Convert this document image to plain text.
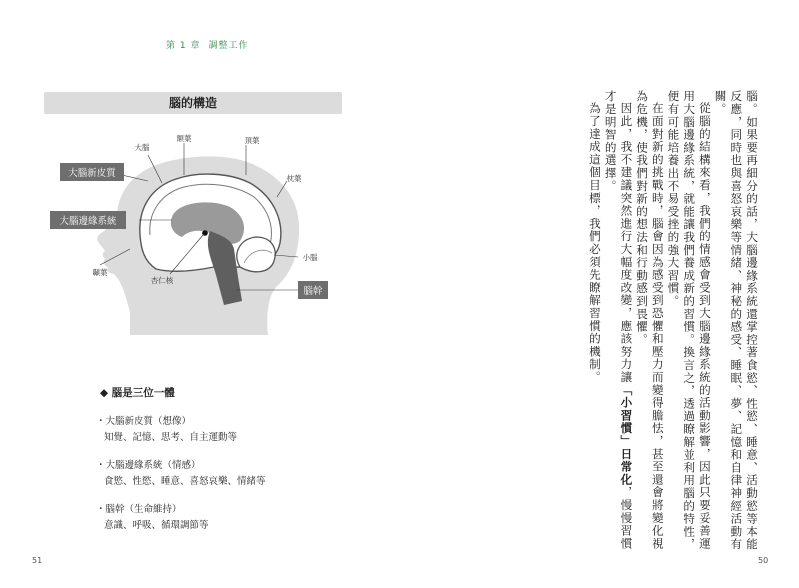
第 1 章 調整工作
腦的構造
大腦
額葉	頂葉
枕葉
顳葉
杏仁核
小腦
大腦新皮質
大腦邊緣系統
腦幹
◆ 腦是三位一體
・大腦新皮質（想像）
知覺、記憶、思考、自主運動等
・大腦邊緣系統（情感）
食慾、性慾、睡意、喜怒哀樂、情緒等
・腦幹（生命維持）
意識、呼吸、循環調節等
51	50

腦。如果要再細分的話，大腦邊緣系統還掌控著食慾、性慾、睡意、活動慾等本能反應，同時也與喜怒哀樂等情緒、神秘的感受、睡眠、夢、記憶和自律神經活動有關。

從腦的結構來看，我們的情感會受到大腦邊緣系統的活動影響，因此只要妥善運用大腦邊緣系統，就能讓我們養成新的習慣。換言之，透過瞭解並利用腦的特性，便有可能培養出不易受挫的強大習慣。

在面對新的挑戰時，腦會因為感受到恐懼和壓力而變得膽怯，甚至還會將變化視為危機，使我們對新的想法和行動感到畏懼。

因此，我不建議突然進行大幅度改變，應該努力讓「小習慣」日常化，慢慢習慣才是明智的選擇。

為了達成這個目標，我們必須先瞭解習慣的機制。
